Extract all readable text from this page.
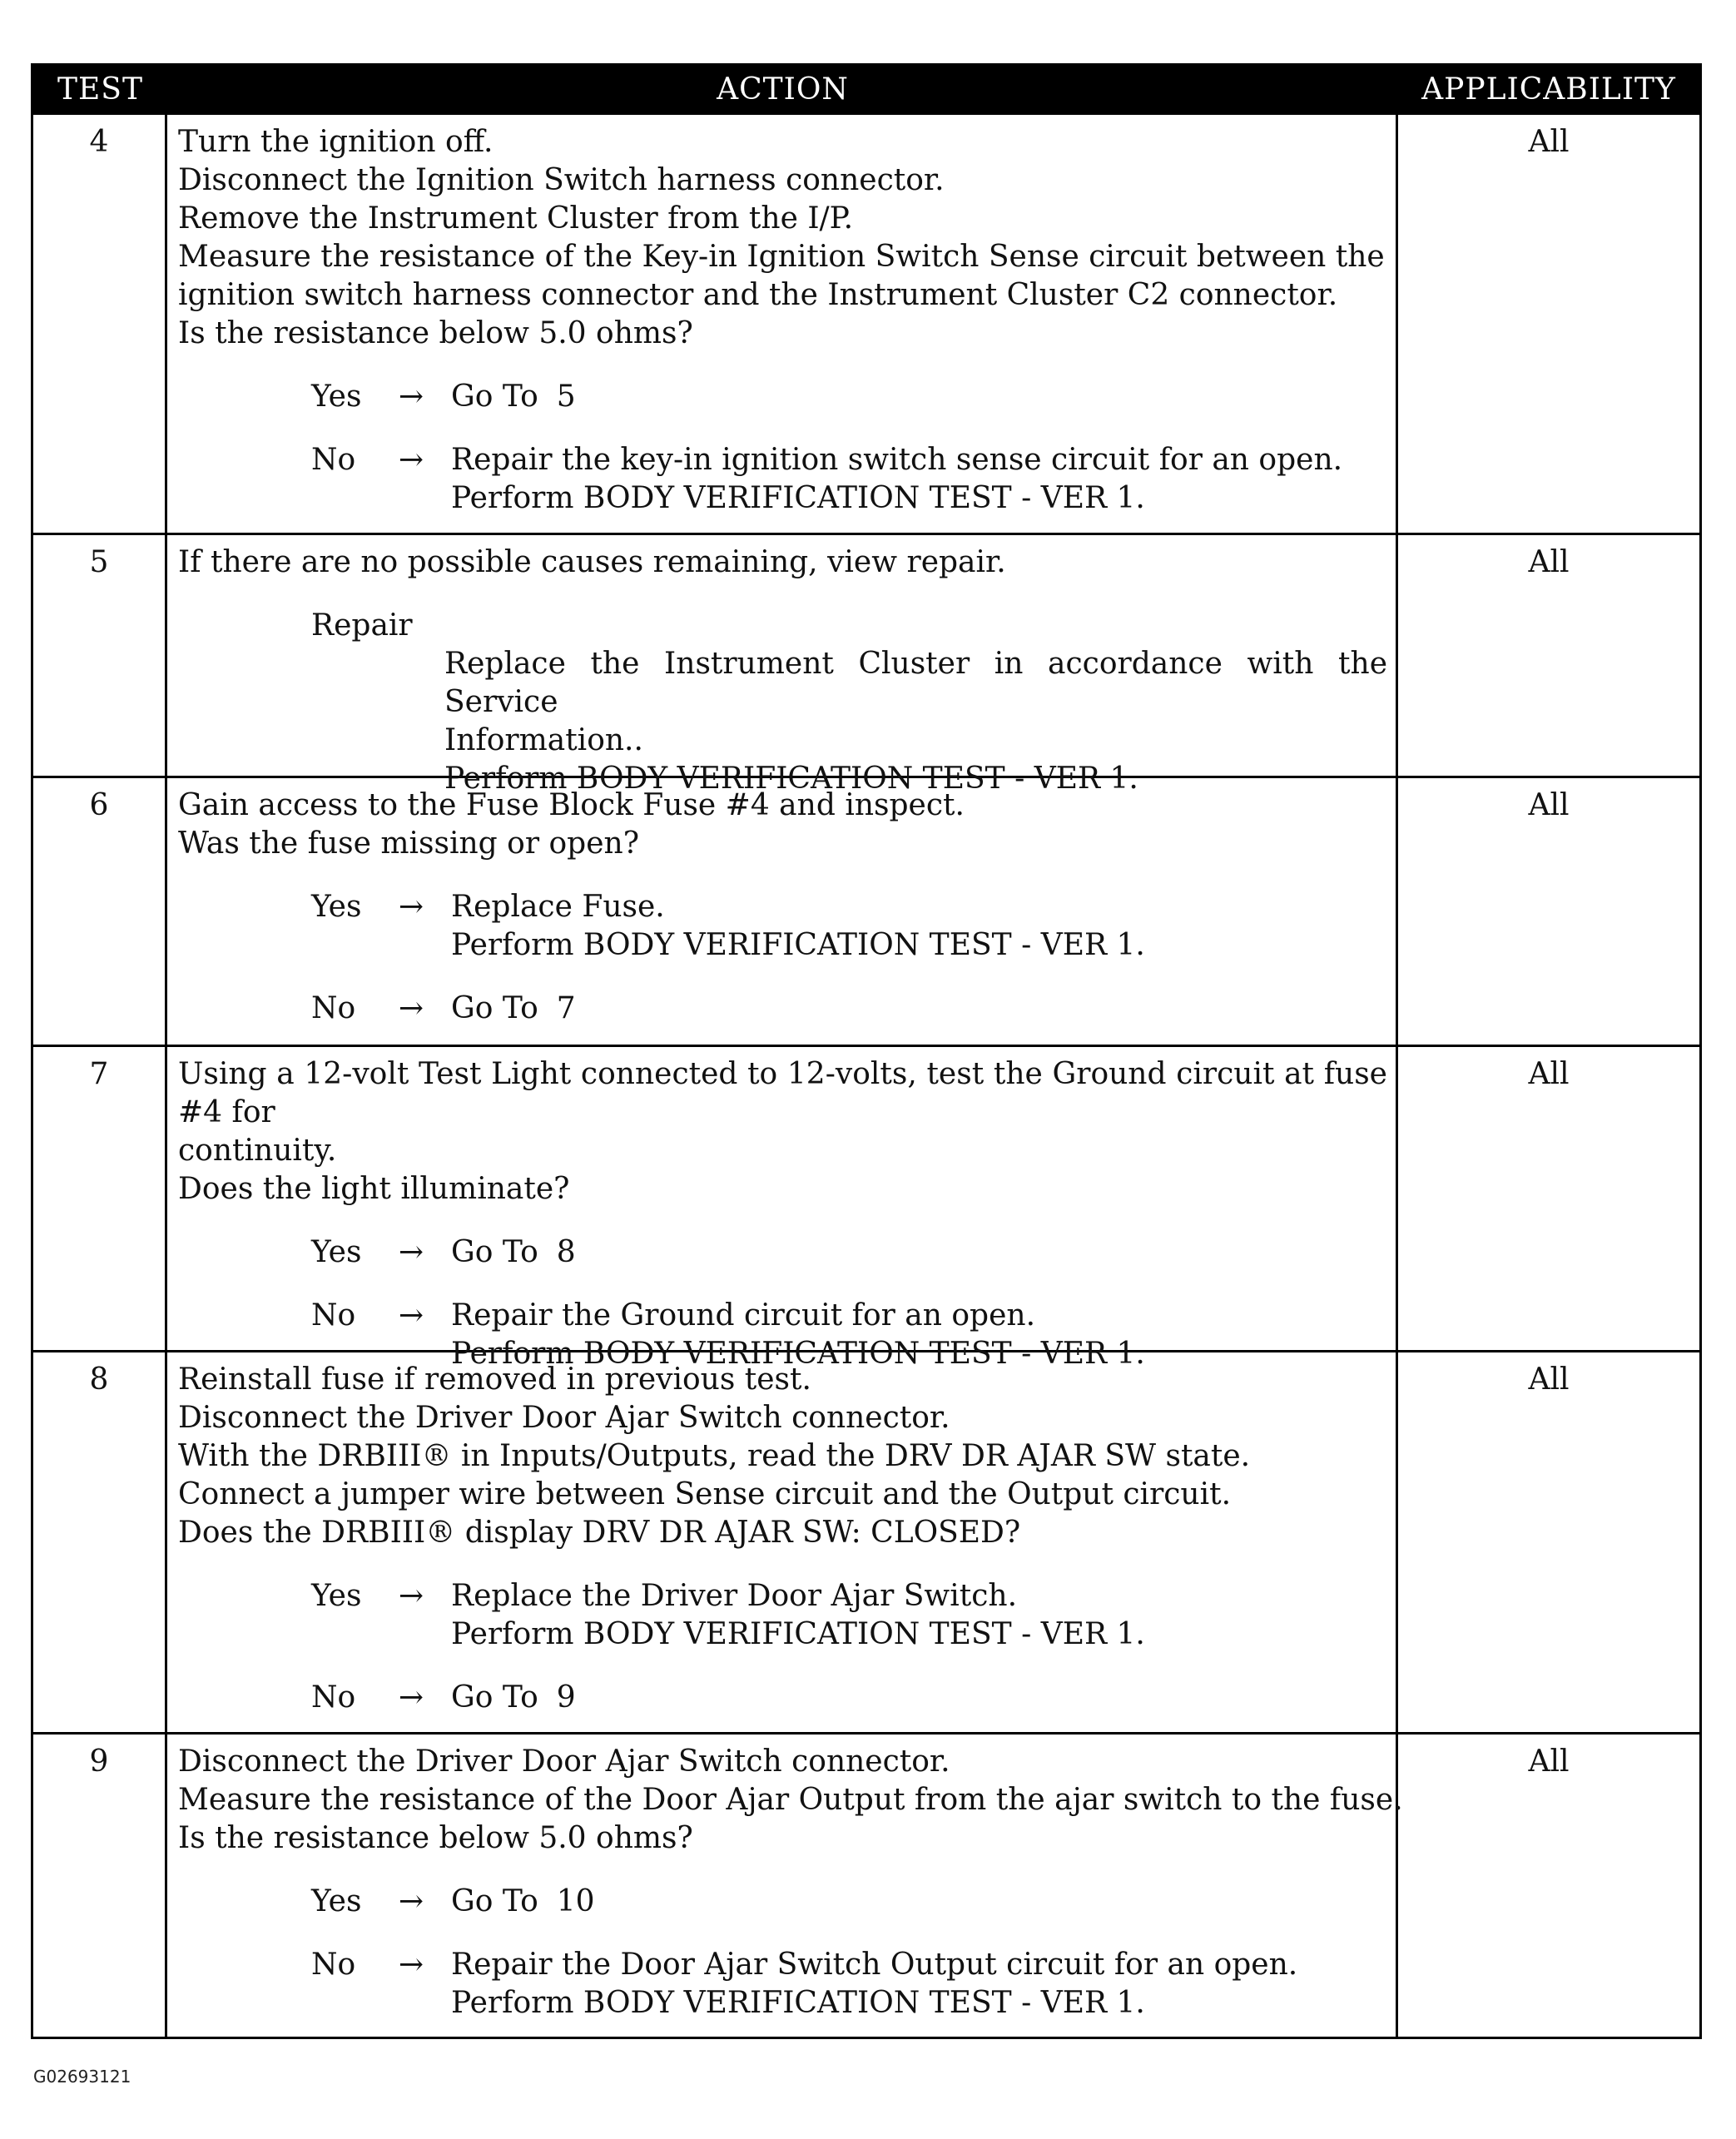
TEST	ACTION	APPLICABILITY
4	Turn the ignition off.
Disconnect the Ignition Switch harness connector.
Remove the Instrument Cluster from the I/P.
Measure the resistance of the Key-in Ignition Switch Sense circuit between the
ignition switch harness connector and the Instrument Cluster C2 connector.
Is the resistance below 5.0 ohms?
Yes	→ Go To 5
No	→ Repair the key-in ignition switch sense circuit for an open.
Perform BODY VERIFICATION TEST - VER 1.
All
5	If there are no possible causes remaining, view repair.
Repair
Replace the Instrument Cluster in accordance with the Service
Information..
Perform BODY VERIFICATION TEST - VER 1.
All
6	Gain access to the Fuse Block Fuse #4 and inspect.
Was the fuse missing or open?
Yes	→ Replace Fuse.
Perform BODY VERIFICATION TEST - VER 1.
No	→ Go To 7
All
7	Using a 12-volt Test Light connected to 12-volts, test the Ground circuit at fuse #4 for
continuity.
Does the light illuminate?
Yes	→ Go To 8
No	→ Repair the Ground circuit for an open.
Perform BODY VERIFICATION TEST - VER 1.
All
8	Reinstall fuse if removed in previous test.
Disconnect the Driver Door Ajar Switch connector.
With the DRBIII® in Inputs/Outputs, read the DRV DR AJAR SW state.
Connect a jumper wire between Sense circuit and the Output circuit.
Does the DRBIII® display DRV DR AJAR SW: CLOSED?
Yes	→ Replace the Driver Door Ajar Switch.
Perform BODY VERIFICATION TEST - VER 1.
No	→ Go To 9
All
9	Disconnect the Driver Door Ajar Switch connector.
Measure the resistance of the Door Ajar Output from the ajar switch to the fuse.
Is the resistance below 5.0 ohms?
Yes	→ Go To 10
No	→ Repair the Door Ajar Switch Output circuit for an open.
Perform BODY VERIFICATION TEST - VER 1.
All
G02693121
